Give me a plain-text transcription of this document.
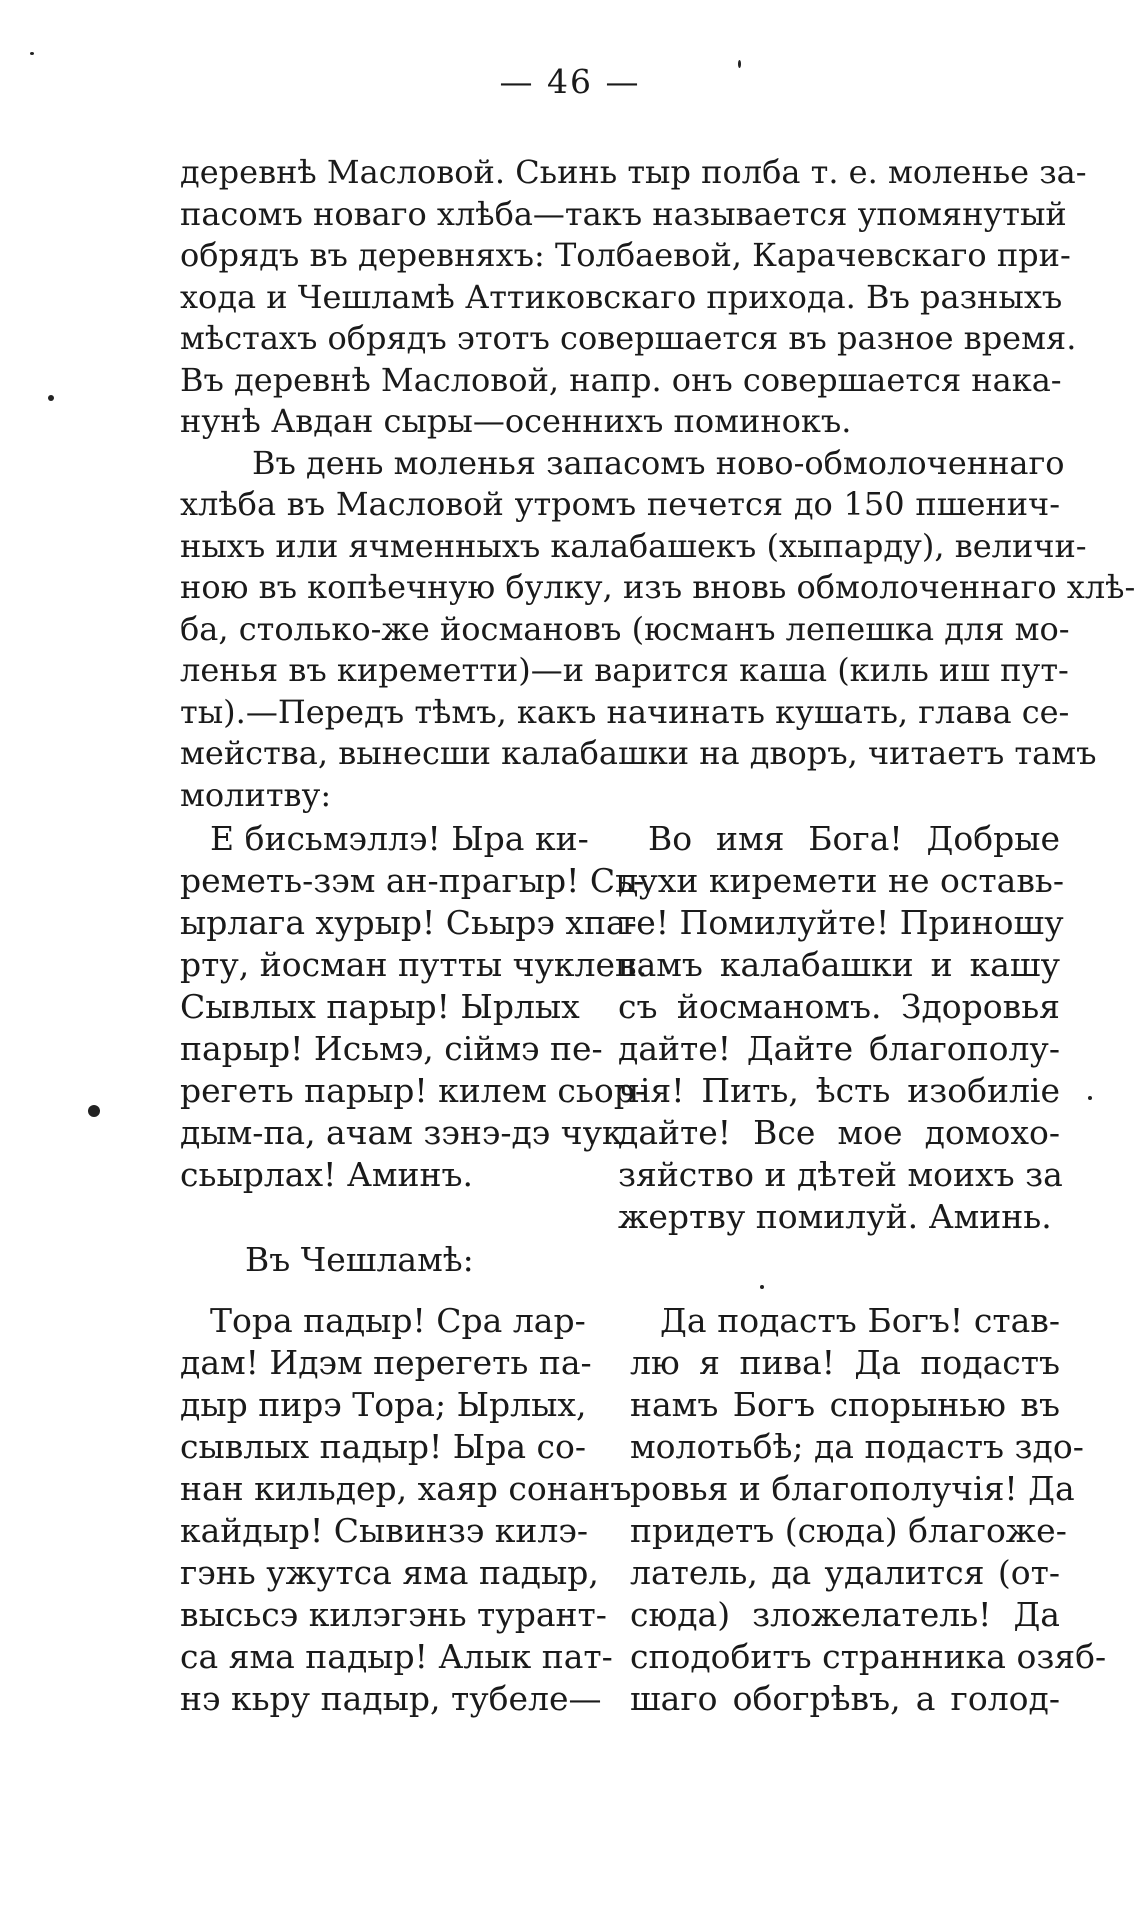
— 46 —
деревнѣ Масловой. Сьинь тыр полба т. е. моленье за-
пасомъ новаго хлѣба—такъ называется упомянутый
обрядъ въ деревняхъ: Толбаевой, Карачевскаго при-
хода и Чешламѣ Аттиковскаго прихода. Въ разныхъ
мѣстахъ обрядъ этотъ совершается въ разное время.
Въ деревнѣ Масловой, напр. онъ совершается нака-
нунѣ Авдан сыры—осеннихъ поминокъ.
Въ день моленья запасомъ ново-обмолоченнаго
хлѣба въ Масловой утромъ печется до 150 пшенич-
ныхъ или ячменныхъ калабашекъ (хыпарду), величи-
ною въ копѣечную булку, изъ вновь обмолоченнаго хлѣ-
ба, столько-же йосмановъ (юсманъ лепешка для мо-
ленья въ киреметти)—и варится каша (киль иш пут-
ты).—Передъ тѣмъ, какъ начинать кушать, глава се-
мейства, вынесши калабашки на дворъ, читаетъ тамъ
молитву:
Е бисьмэллэ! Ыра ки-
реметь-зэм ан-прагыр! Сь-
ырлага хурыр! Сьырэ хпа-
рту, йосман путты чуклеп.
Сывлых парыр! Ырлых
парыр! Исьмэ, сіймэ пе-
регеть парыр! килем сьор-
дым-па, ачам зэнэ-дэ чук
сьырлах! Аминъ.
Во имя Бога! Добрые
духи киремети не оставь-
те! Помилуйте! Приношу
вамъ калабашки и кашу
съ йосманомъ. Здоровья
дайте! Дайте благополу-
чія! Пить, ѣсть изобиліе
дайте! Все мое домохо-
зяйство и дѣтей моихъ за
жертву помилуй. Аминь.
Въ Чешламѣ:
Тора падыр! Сра лар-
дам! Идэм перегеть па-
дыр пирэ Тора; Ырлых,
сывлых падыр! Ыра со-
нан кильдер, хаяр сонанъ
кайдыр! Сывинзэ килэ-
гэнь ужутса яма падыр,
высьсэ килэгэнь турант-
са яма падыр! Алык пат-
нэ кьру падыр, тубеле—
Да подастъ Богъ! став-
лю я пива! Да подастъ
намъ Богъ спорынью въ
молотьбѣ; да подастъ здо-
ровья и благополучія! Да
придетъ (сюда) благоже-
латель, да удалится (от-
сюда) зложелатель! Да
сподобитъ странника озяб-
шаго обогрѣвъ, а голод-
